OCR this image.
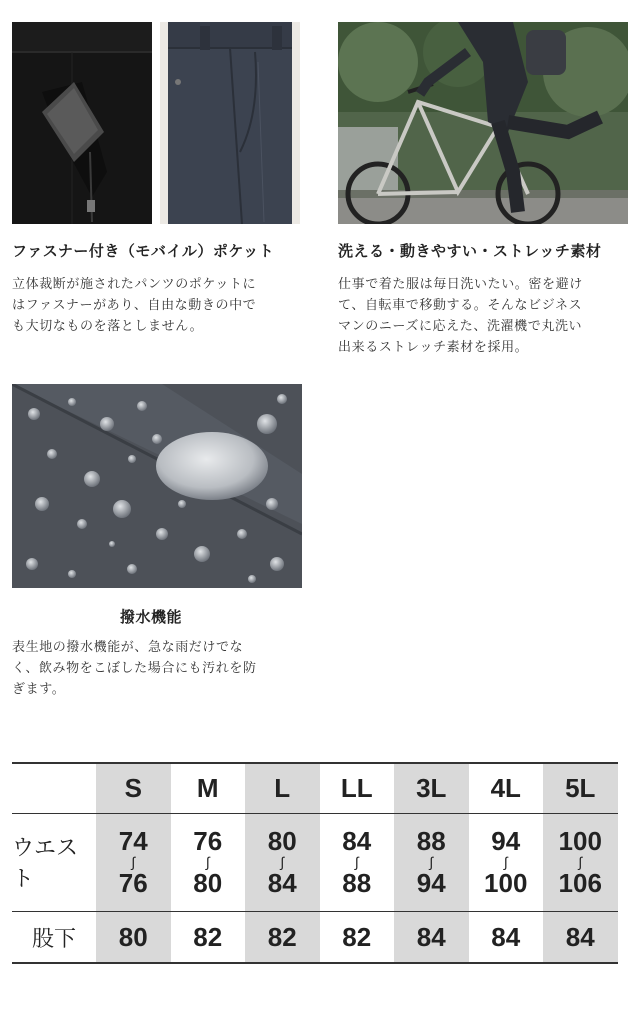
ファスナー付き（モバイル）ポケット
立体裁断が施されたパンツのポケットに
はファスナーがあり、自由な動きの中で
も大切なものを落としません。
洗える・動きやすい・ストレッチ素材
仕事で着た服は毎日洗いたい。密を避け
て、自転車で移動する。そんなビジネス
マンのニーズに応えた、洗濯機で丸洗い
出来るストレッチ素材を採用。
撥水機能
表生地の撥水機能が、急な雨だけでな
く、飲み物をこぼした場合にも汚れを防
ぎます。
ウエスト
股下
S
74
∫
76
80
M
76
∫
80
82
L
80
∫
84
82
LL
84
∫
88
82
3L
88
∫
94
84
4L
94
∫
100
84
5L
100
∫
106
84
